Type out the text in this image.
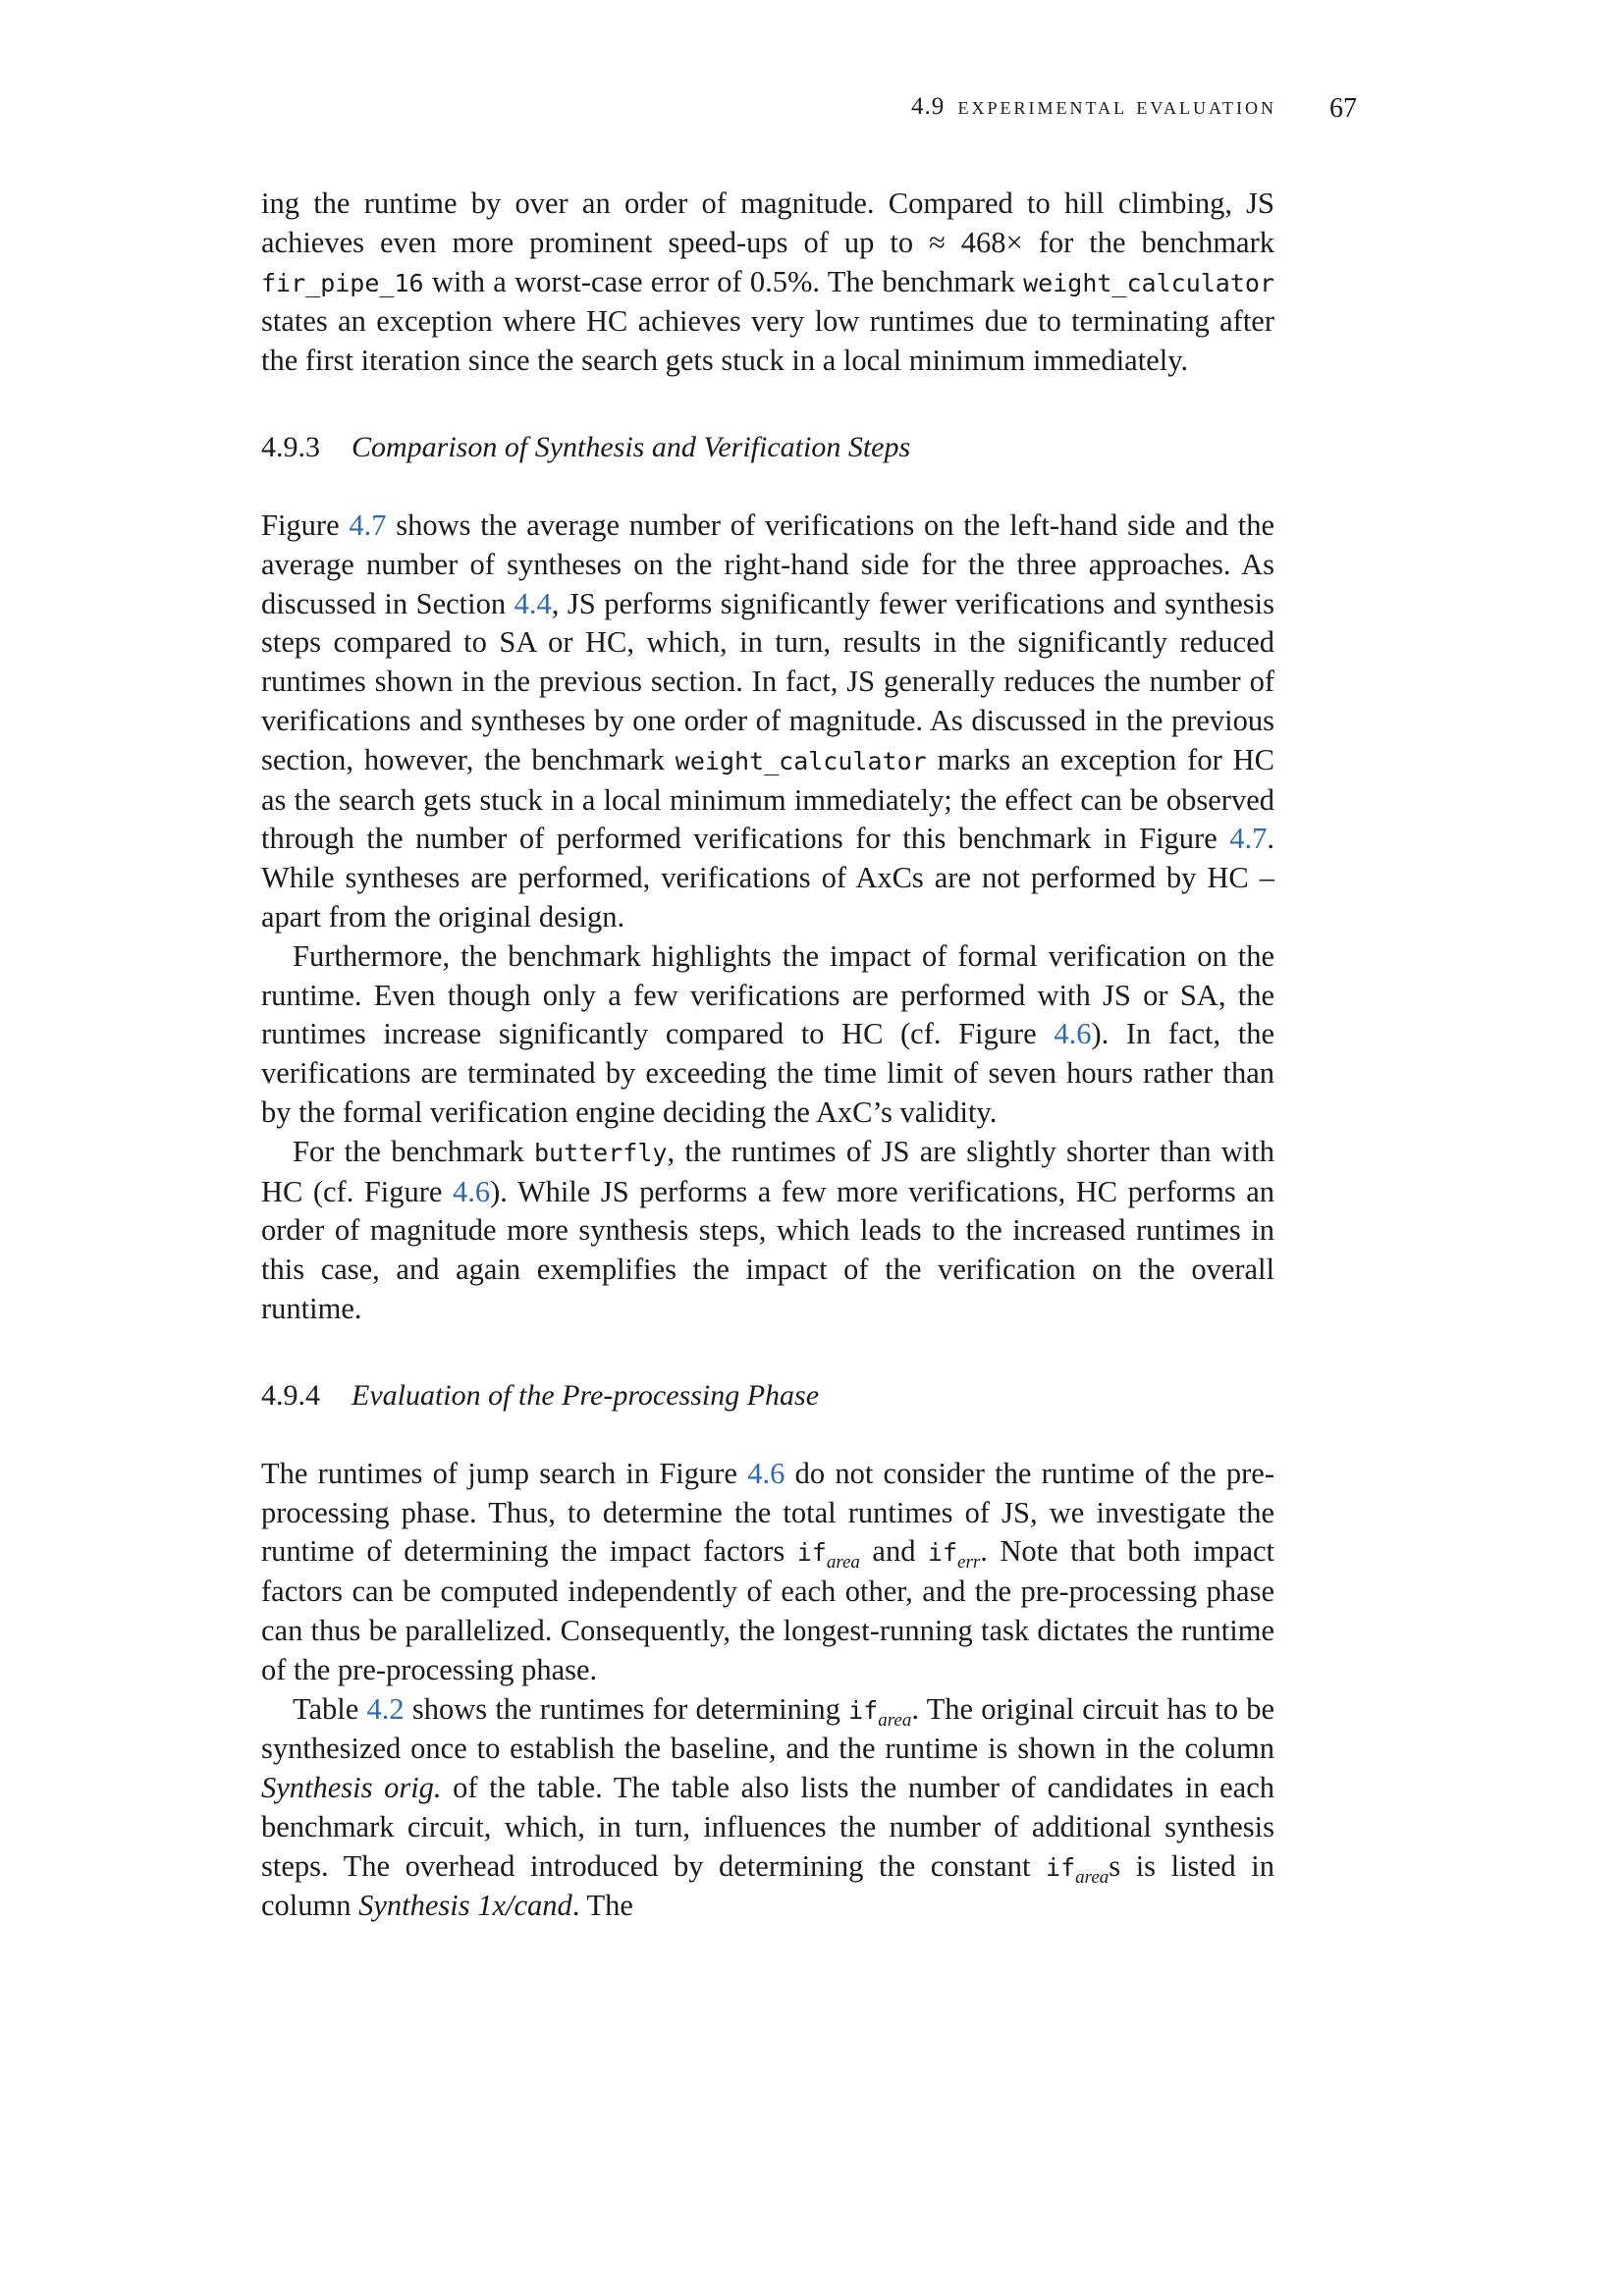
4.9 experimental evaluation 67

ing the runtime by over an order of magnitude. Compared to hill climbing, JS achieves even more prominent speed-ups of up to ≈ 468× for the benchmark fir_pipe_16 with a worst-case error of 0.5%. The benchmark weight_calculator states an exception where HC achieves very low runtimes due to terminating after the first iteration since the search gets stuck in a local minimum immediately.

4.9.3 Comparison of Synthesis and Verification Steps

Figure 4.7 shows the average number of verifications on the left-hand side and the average number of syntheses on the right-hand side for the three approaches. As discussed in Section 4.4, JS performs significantly fewer verifications and synthesis steps compared to SA or HC, which, in turn, results in the significantly reduced runtimes shown in the previous section. In fact, JS generally reduces the number of verifications and syntheses by one order of magnitude. As discussed in the previous section, however, the benchmark weight_calculator marks an exception for HC as the search gets stuck in a local minimum immediately; the effect can be observed through the number of performed verifications for this benchmark in Figure 4.7. While syntheses are performed, verifications of AxCs are not performed by HC – apart from the original design.

Furthermore, the benchmark highlights the impact of formal verification on the runtime. Even though only a few verifications are performed with JS or SA, the runtimes increase significantly compared to HC (cf. Figure 4.6). In fact, the verifications are terminated by exceeding the time limit of seven hours rather than by the formal verification engine deciding the AxC’s validity.

For the benchmark butterfly, the runtimes of JS are slightly shorter than with HC (cf. Figure 4.6). While JS performs a few more verifications, HC performs an order of magnitude more synthesis steps, which leads to the increased runtimes in this case, and again exemplifies the impact of the verification on the overall runtime.

4.9.4 Evaluation of the Pre-processing Phase

The runtimes of jump search in Figure 4.6 do not consider the runtime of the pre-processing phase. Thus, to determine the total runtimes of JS, we investigate the runtime of determining the impact factors $if_{area}$ and $if_{err}$. Note that both impact factors can be computed independently of each other, and the pre-processing phase can thus be parallelized. Consequently, the longest-running task dictates the runtime of the pre-processing phase.

Table 4.2 shows the runtimes for determining $if_{area}$. The original circuit has to be synthesized once to establish the baseline, and the runtime is shown in the column Synthesis orig. of the table. The table also lists the number of candidates in each benchmark circuit, which, in turn, influences the number of additional synthesis steps. The overhead introduced by determining the constant $if_{area}s$ is listed in column Synthesis 1x/cand. The
